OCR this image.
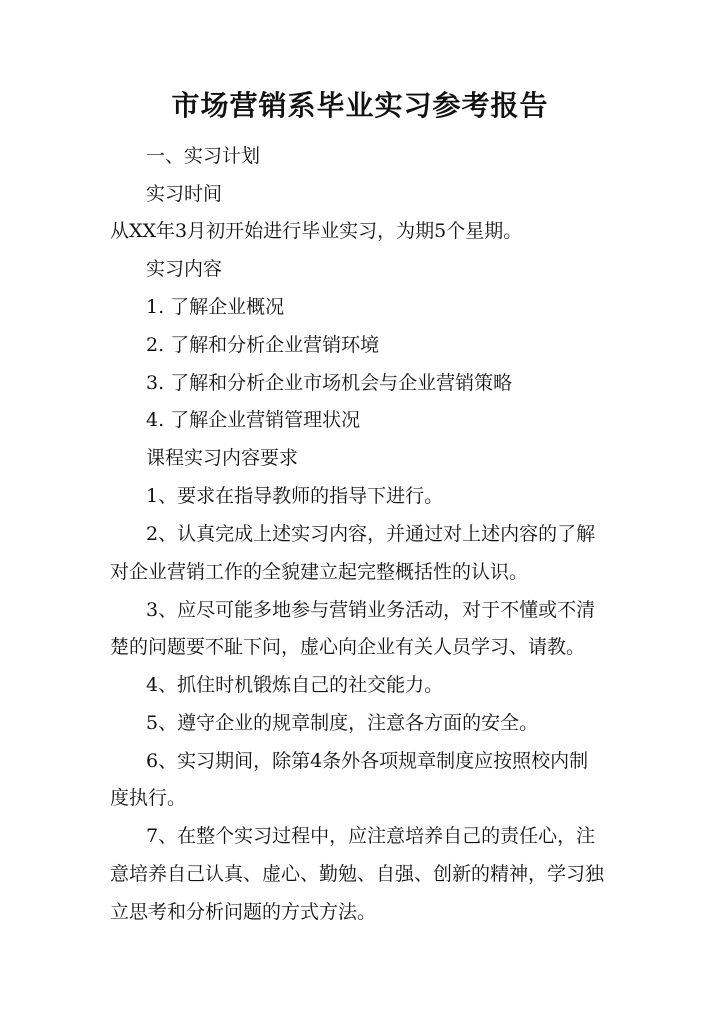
市场营销系毕业实习参考报告
一、实习计划
实习时间
从XX年3月初开始进行毕业实习，为期5个星期。
实习内容
1. 了解企业概况
2. 了解和分析企业营销环境
3. 了解和分析企业市场机会与企业营销策略
4. 了解企业营销管理状况
课程实习内容要求
1、要求在指导教师的指导下进行。
2、认真完成上述实习内容，并通过对上述内容的了解
对企业营销工作的全貌建立起完整概括性的认识。
3、应尽可能多地参与营销业务活动，对于不懂或不清
楚的问题要不耻下问，虚心向企业有关人员学习、请教。
4、抓住时机锻炼自己的社交能力。
5、遵守企业的规章制度，注意各方面的安全。
6、实习期间，除第4条外各项规章制度应按照校内制
度执行。
7、在整个实习过程中，应注意培养自己的责任心，注
意培养自己认真、虚心、勤勉、自强、创新的精神，学习独
立思考和分析问题的方式方法。
